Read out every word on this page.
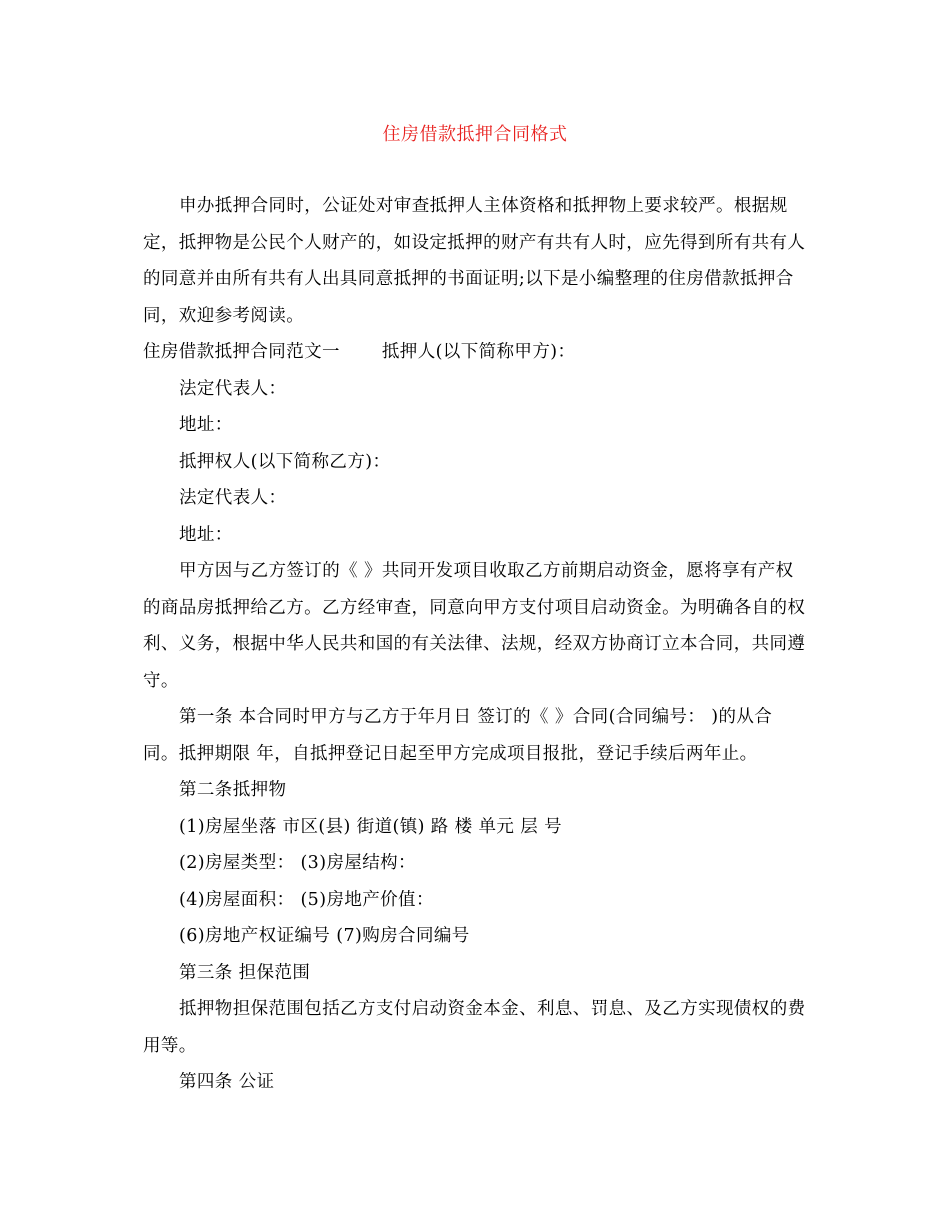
住房借款抵押合同格式

申办抵押合同时，公证处对审查抵押人主体资格和抵押物上要求较严。根据规定，抵押物是公民个人财产的，如设定抵押的财产有共有人时，应先得到所有共有人的同意并由所有共有人出具同意抵押的书面证明;以下是小编整理的住房借款抵押合同，欢迎参考阅读。

住房借款抵押合同范文一 抵押人(以下简称甲方)：

法定代表人：

地址：

抵押权人(以下简称乙方)：

法定代表人：

地址：

甲方因与乙方签订的《 》共同开发项目收取乙方前期启动资金，愿将享有产权的商品房抵押给乙方。乙方经审查，同意向甲方支付项目启动资金。为明确各自的权利、义务，根据中华人民共和国的有关法律、法规，经双方协商订立本合同，共同遵守。

第一条 本合同时甲方与乙方于年月日 签订的《 》合同(合同编号： )的从合同。抵押期限 年，自抵押登记日起至甲方完成项目报批，登记手续后两年止。

第二条抵押物

(1)房屋坐落 市区(县) 街道(镇) 路 楼 单元 层 号

(2)房屋类型： (3)房屋结构：

(4)房屋面积： (5)房地产价值：

(6)房地产权证编号 (7)购房合同编号

第三条 担保范围

抵押物担保范围包括乙方支付启动资金本金、利息、罚息、及乙方实现债权的费用等。

第四条 公证
